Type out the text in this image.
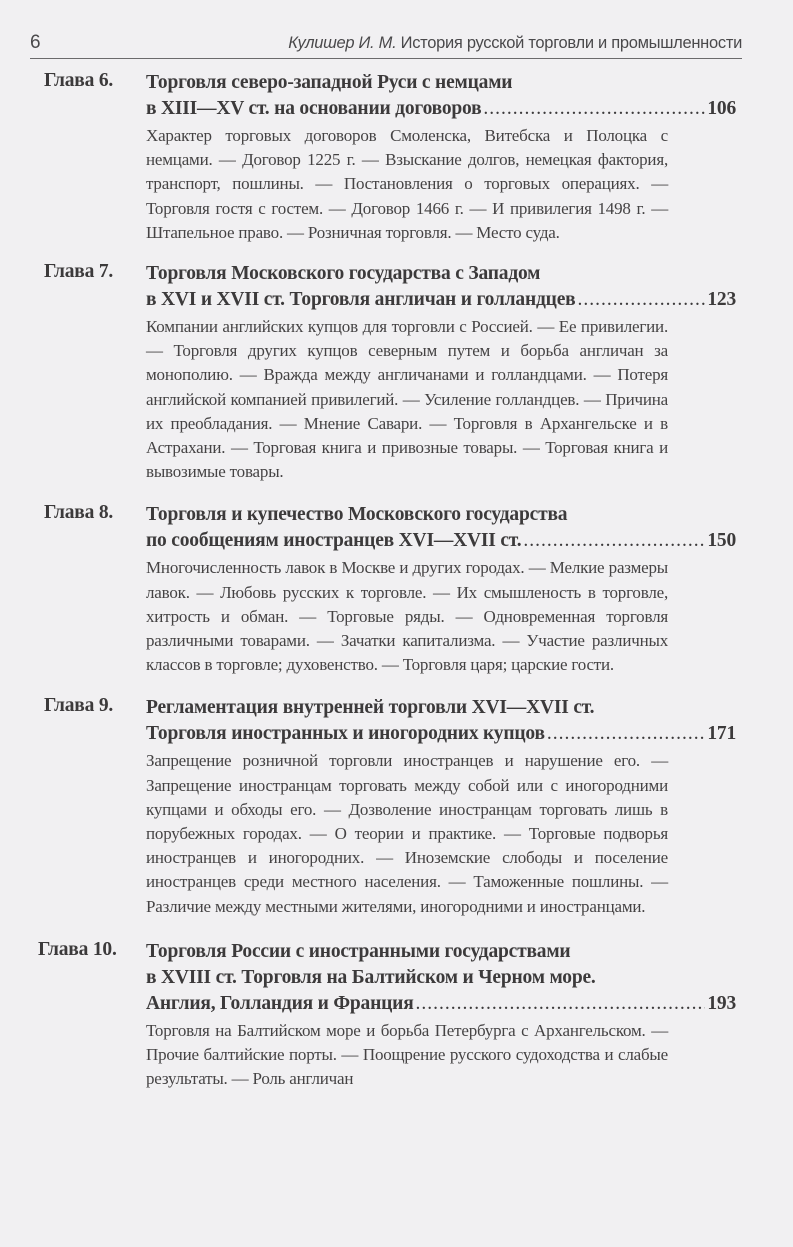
6	Кулишер И. М. История русской торговли и промышленности
Глава 6. Торговля северо-западной Руси с немцами
в XIII—XV ст. на основании договоров .....	106
Характер торговых договоров Смоленска, Витебска и Полоцка с немцами. — Договор 1225 г. — Взыскание долгов, немецкая фактория, транспорт, пошлины. — Постановления о торговых операциях. — Торговля гостя с гостем. — Договор 1466 г. — И привилегия 1498 г. — Штапельное право. — Розничная торговля. — Место суда.
Глава 7. Торговля Московского государства с Западом
в XVI и XVII ст. Торговля англичан и голландцев .....	123
Компании английских купцов для торговли с Россией. — Ее привилегии. — Торговля других купцов северным путем и борьба англичан за монополию. — Вражда между англичанами и голландцами. — Потеря английской компанией привилегий. — Усиление голландцев. — Причина их преобладания. — Мнение Савари. — Торговля в Архангельске и в Астрахани. — Торговая книга и привозные товары. — Торговая книга и вывозимые товары.
Глава 8. Торговля и купечество Московского государства
по сообщениям иностранцев XVI—XVII ст. .....	150
Многочисленность лавок в Москве и других городах. — Мелкие размеры лавок. — Любовь русских к торговле. — Их смышленость в торговле, хитрость и обман. — Торговые ряды. — Одновременная торговля различными товарами. — Зачатки капитализма. — Участие различных классов в торговле; духовенство. — Торговля царя; царские гости.
Глава 9. Регламентация внутренней торговли XVI—XVII ст.
Торговля иностранных и иногородних купцов .....	171
Запрещение розничной торговли иностранцев и нарушение его. — Запрещение иностранцам торговать между собой или с иногородними купцами и обходы его. — Дозволение иностранцам торговать лишь в порубежных городах. — О теории и практике. — Торговые подворья иностранцев и иногородних. — Иноземские слободы и поселение иностранцев среди местного населения. — Таможенные пошлины. — Различие между местными жителями, иногородними и иностранцами.
Глава 10. Торговля России с иностранными государствами
в XVIII ст. Торговля на Балтийском и Черном море.
Англия, Голландия и Франция .....	193
Торговля на Балтийском море и борьба Петербурга с Архангельском. — Прочие балтийские порты. — Поощрение русского судоходства и слабые результаты. — Роль англичан
